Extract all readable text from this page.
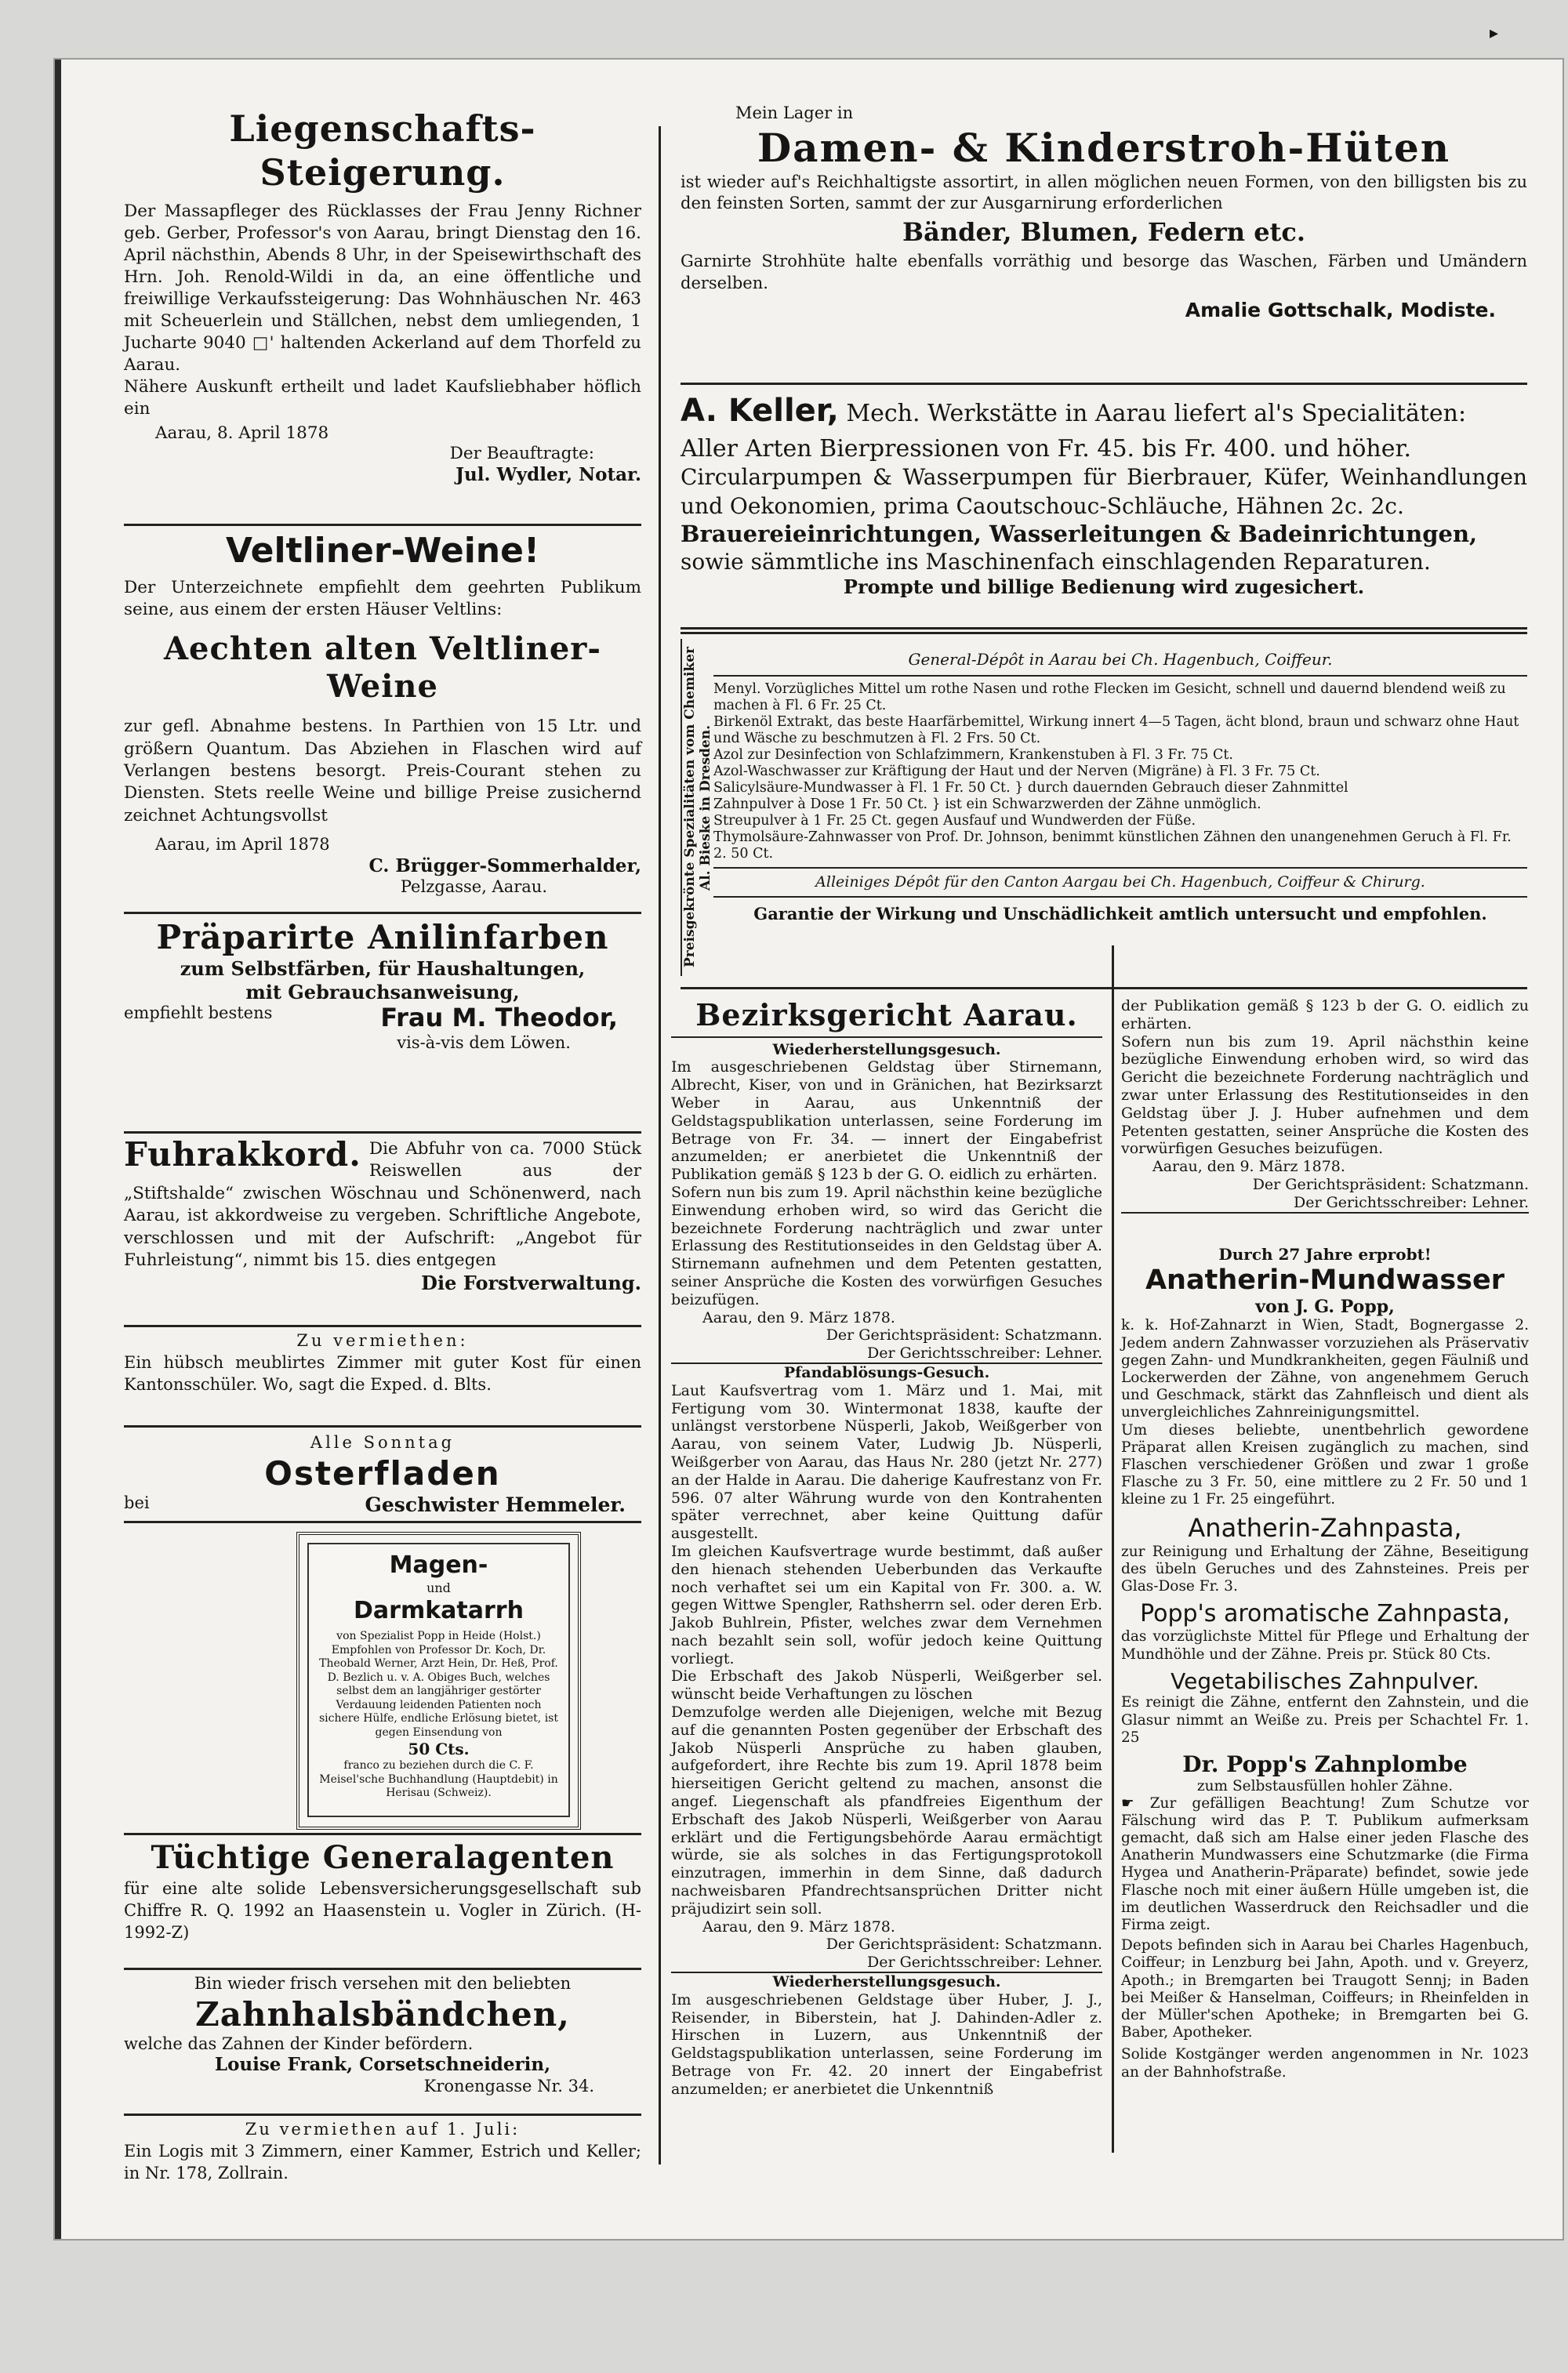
Liegenschafts-Steigerung.

Der Massapfleger des Rücklasses der Frau Jenny Richner geb. Gerber, Professor's von Aarau, bringt Dienstag den 16. April nächsthin, Abends 8 Uhr, in der Speisewirthschaft des Hrn. Joh. Renold-Wildi in da, an eine öffentliche und freiwillige Verkaufssteigerung: Das Wohnhäuschen Nr. 463 mit Scheuerlein und Ställchen, nebst dem umliegenden, 1 Jucharte 9040 □' haltenden Ackerland auf dem Thorfeld zu Aarau.

Nähere Auskunft ertheilt und ladet Kaufsliebhaber höflich ein

Aarau, 8. April 1878

Der Beauftragte:

Jul. Wydler, Notar.

Veltliner-Weine!

Der Unterzeichnete empfiehlt dem geehrten Publikum seine, aus einem der ersten Häuser Veltlins:

Aechten alten Veltliner-Weine

zur gefl. Abnahme bestens. In Parthien von 15 Ltr. und größern Quantum. Das Abziehen in Flaschen wird auf Verlangen bestens besorgt. Preis-Courant stehen zu Diensten. Stets reelle Weine und billige Preise zusichernd zeichnet Achtungsvollst

Aarau, im April 1878

C. Brügger-Sommerhalder,

Pelzgasse, Aarau.

Präparirte Anilinfarben

zum Selbstfärben, für Haushaltungen,

mit Gebrauchsanweisung,

empfiehlt bestens	Frau M. Theodor,

vis-à-vis dem Löwen.

Fuhrakkord. Die Abfuhr von ca. 7000 Stück Reiswellen aus der „Stiftshalde“ zwischen Wöschnau und Schönenwerd, nach Aarau, ist akkordweise zu vergeben. Schriftliche Angebote, verschlossen und mit der Aufschrift: „Angebot für Fuhrleistung“, nimmt bis 15. dies entgegen

Die Forstverwaltung.

Zu vermiethen:

Ein hübsch meublirtes Zimmer mit guter Kost für einen Kantonsschüler. Wo, sagt die Exped. d. Blts.

Alle Sonntag

Osterfladen

bei	Geschwister Hemmeler.

Magen-
und
Darmkatarrh

von Spezialist Popp in Heide (Holst.) Empfohlen von Professor Dr. Koch, Dr. Theobald Werner, Arzt Hein, Dr. Heß, Prof. D. Bezlich u. v. A. Obiges Buch, welches selbst dem an langjähriger gestörter Verdauung leidenden Patienten noch sichere Hülfe, endliche Erlösung bietet, ist gegen Einsendung von

50 Cts.

franco zu beziehen durch die C. F. Meisel'sche Buchhandlung (Hauptdebit) in Herisau (Schweiz).

Tüchtige Generalagenten

für eine alte solide Lebensversicherungsgesellschaft sub Chiffre R. Q. 1992 an Haasenstein u. Vogler in Zürich. (H-1992-Z)

Bin wieder frisch versehen mit den beliebten

Zahnhalsbändchen,

welche das Zahnen der Kinder befördern.

Louise Frank, Corsetschneiderin,

Kronengasse Nr. 34.

Zu vermiethen auf 1. Juli:

Ein Logis mit 3 Zimmern, einer Kammer, Estrich und Keller; in Nr. 178, Zollrain.

Mein Lager in

Damen- & Kinderstroh-Hüten

ist wieder auf's Reichhaltigste assortirt, in allen möglichen neuen Formen, von den billigsten bis zu den feinsten Sorten, sammt der zur Ausgarnirung erforderlichen

Bänder, Blumen, Federn etc.

Garnirte Strohhüte halte ebenfalls vorräthig und besorge das Waschen, Färben und Umändern derselben.

Amalie Gottschalk, Modiste.

A. Keller, Mech. Werkstätte in Aarau liefert al's Specialitäten:

Aller Arten Bierpressionen von Fr. 45. bis Fr. 400. und höher.

Circularpumpen & Wasserpumpen für Bierbrauer, Küfer, Weinhandlungen und Oekonomien, prima Caoutschouc-Schläuche, Hähnen 2c. 2c.

Brauereieinrichtungen, Wasserleitungen & Badeinrichtungen,

sowie sämmtliche ins Maschinenfach einschlagenden Reparaturen.

Prompte und billige Bedienung wird zugesichert.

Preisgekrönte Spezialitäten vom Chemiker Al. Bieske in Dresden.

General-Dépôt in Aarau bei Ch. Hagenbuch, Coiffeur.

Menyl. Vorzügliches Mittel um rothe Nasen und rothe Flecken im Gesicht, schnell und dauernd blendend weiß zu machen à Fl. 6 Fr. 25 Ct.
Birkenöl Extrakt, das beste Haarfärbemittel, Wirkung innert 4—5 Tagen, ächt blond, braun und schwarz ohne Haut und Wäsche zu beschmutzen à Fl. 2 Frs. 50 Ct.
Azol zur Desinfection von Schlafzimmern, Krankenstuben à Fl. 3 Fr. 75 Ct.
Azol-Waschwasser zur Kräftigung der Haut und der Nerven (Migräne) à Fl. 3 Fr. 75 Ct.
Salicylsäure-Mundwasser à Fl. 1 Fr. 50 Ct. } durch dauernden Gebrauch dieser Zahnmittel
Zahnpulver à Dose 1 Fr. 50 Ct. } ist ein Schwarzwerden der Zähne unmöglich.
Streupulver à 1 Fr. 25 Ct. gegen Ausfauf und Wundwerden der Füße.
Thymolsäure-Zahnwasser von Prof. Dr. Johnson, benimmt künstlichen Zähnen den unangenehmen Geruch à Fl. Fr. 2. 50 Ct.

Alleiniges Dépôt für den Canton Aargau bei Ch. Hagenbuch, Coiffeur & Chirurg.

Garantie der Wirkung und Unschädlichkeit amtlich untersucht und empfohlen.

Bezirksgericht Aarau.

Wiederherstellungsgesuch.

Im ausgeschriebenen Geldstag über Stirnemann, Albrecht, Kiser, von und in Gränichen, hat Bezirksarzt Weber in Aarau, aus Unkenntniß der Geldstagspublikation unterlassen, seine Forderung im Betrage von Fr. 34. — innert der Eingabefrist anzumelden; er anerbietet die Unkenntniß der Publikation gemäß § 123 b der G. O. eidlich zu erhärten.

Sofern nun bis zum 19. April nächsthin keine bezügliche Einwendung erhoben wird, so wird das Gericht die bezeichnete Forderung nachträglich und zwar unter Erlassung des Restitutionseides in den Geldstag über A. Stirnemann aufnehmen und dem Petenten gestatten, seiner Ansprüche die Kosten des vorwürfigen Gesuches beizufügen.

Aarau, den 9. März 1878.

Der Gerichtspräsident: Schatzmann.

Der Gerichtsschreiber: Lehner.

Pfandablösungs-Gesuch.

Laut Kaufsvertrag vom 1. März und 1. Mai, mit Fertigung vom 30. Wintermonat 1838, kaufte der unlängst verstorbene Nüsperli, Jakob, Weißgerber von Aarau, von seinem Vater, Ludwig Jb. Nüsperli, Weißgerber von Aarau, das Haus Nr. 280 (jetzt Nr. 277) an der Halde in Aarau. Die daherige Kaufrestanz von Fr. 596. 07 alter Währung wurde von den Kontrahenten später verrechnet, aber keine Quittung dafür ausgestellt.

Im gleichen Kaufsvertrage wurde bestimmt, daß außer den hienach stehenden Ueberbunden das Verkaufte noch verhaftet sei um ein Kapital von Fr. 300. a. W. gegen Wittwe Spengler, Rathsherrn sel. oder deren Erb. Jakob Buhlrein, Pfister, welches zwar dem Vernehmen nach bezahlt sein soll, wofür jedoch keine Quittung vorliegt.

Die Erbschaft des Jakob Nüsperli, Weißgerber sel. wünscht beide Verhaftungen zu löschen

Demzufolge werden alle Diejenigen, welche mit Bezug auf die genannten Posten gegenüber der Erbschaft des Jakob Nüsperli Ansprüche zu haben glauben, aufgefordert, ihre Rechte bis zum 19. April 1878 beim hierseitigen Gericht geltend zu machen, ansonst die angef. Liegenschaft als pfandfreies Eigenthum der Erbschaft des Jakob Nüsperli, Weißgerber von Aarau erklärt und die Fertigungsbehörde Aarau ermächtigt würde, sie als solches in das Fertigungsprotokoll einzutragen, immerhin in dem Sinne, daß dadurch nachweisbaren Pfandrechtsansprüchen Dritter nicht präjudizirt sein soll.

Aarau, den 9. März 1878.

Der Gerichtspräsident: Schatzmann.

Der Gerichtsschreiber: Lehner.

Wiederherstellungsgesuch.

Im ausgeschriebenen Geldstage über Huber, J. J., Reisender, in Biberstein, hat J. Dahinden-Adler z. Hirschen in Luzern, aus Unkenntniß der Geldstagspublikation unterlassen, seine Forderung im Betrage von Fr. 42. 20 innert der Eingabefrist anzumelden; er anerbietet die Unkenntniß

der Publikation gemäß § 123 b der G. O. eidlich zu erhärten.

Sofern nun bis zum 19. April nächsthin keine bezügliche Einwendung erhoben wird, so wird das Gericht die bezeichnete Forderung nachträglich und zwar unter Erlassung des Restitutionseides in den Geldstag über J. J. Huber aufnehmen und dem Petenten gestatten, seiner Ansprüche die Kosten des vorwürfigen Gesuches beizufügen.

Aarau, den 9. März 1878.

Der Gerichtspräsident: Schatzmann.

Der Gerichtsschreiber: Lehner.

Durch 27 Jahre erprobt!

Anatherin-Mundwasser

von J. G. Popp,

k. k. Hof-Zahnarzt in Wien, Stadt, Bognergasse 2. Jedem andern Zahnwasser vorzuziehen als Präservativ gegen Zahn- und Mundkrankheiten, gegen Fäulniß und Lockerwerden der Zähne, von angenehmem Geruch und Geschmack, stärkt das Zahnfleisch und dient als unvergleichliches Zahnreinigungsmittel.

Um dieses beliebte, unentbehrlich gewordene Präparat allen Kreisen zugänglich zu machen, sind Flaschen verschiedener Größen und zwar 1 große Flasche zu 3 Fr. 50, eine mittlere zu 2 Fr. 50 und 1 kleine zu 1 Fr. 25 eingeführt.

Anatherin-Zahnpasta,

zur Reinigung und Erhaltung der Zähne, Beseitigung des übeln Geruches und des Zahnsteines. Preis per Glas-Dose Fr. 3.

Popp's aromatische Zahnpasta,

das vorzüglichste Mittel für Pflege und Erhaltung der Mundhöhle und der Zähne. Preis pr. Stück 80 Cts.

Vegetabilisches Zahnpulver.

Es reinigt die Zähne, entfernt den Zahnstein, und die Glasur nimmt an Weiße zu. Preis per Schachtel Fr. 1. 25

Dr. Popp's Zahnplombe

zum Selbstausfüllen hohler Zähne.

☛ Zur gefälligen Beachtung! Zum Schutze vor Fälschung wird das P. T. Publikum aufmerksam gemacht, daß sich am Halse einer jeden Flasche des Anatherin Mundwassers eine Schutzmarke (die Firma Hygea und Anatherin-Präparate) befindet, sowie jede Flasche noch mit einer äußern Hülle umgeben ist, die im deutlichen Wasserdruck den Reichsadler und die Firma zeigt.

Depots befinden sich in Aarau bei Charles Hagenbuch, Coiffeur; in Lenzburg bei Jahn, Apoth. und v. Greyerz, Apoth.; in Bremgarten bei Traugott Sennj; in Baden bei Meißer & Hanselman, Coiffeurs; in Rheinfelden in der Müller'schen Apotheke; in Bremgarten bei G. Baber, Apotheker.

Solide Kostgänger werden angenommen in Nr. 1023 an der Bahnhofstraße.

▸
